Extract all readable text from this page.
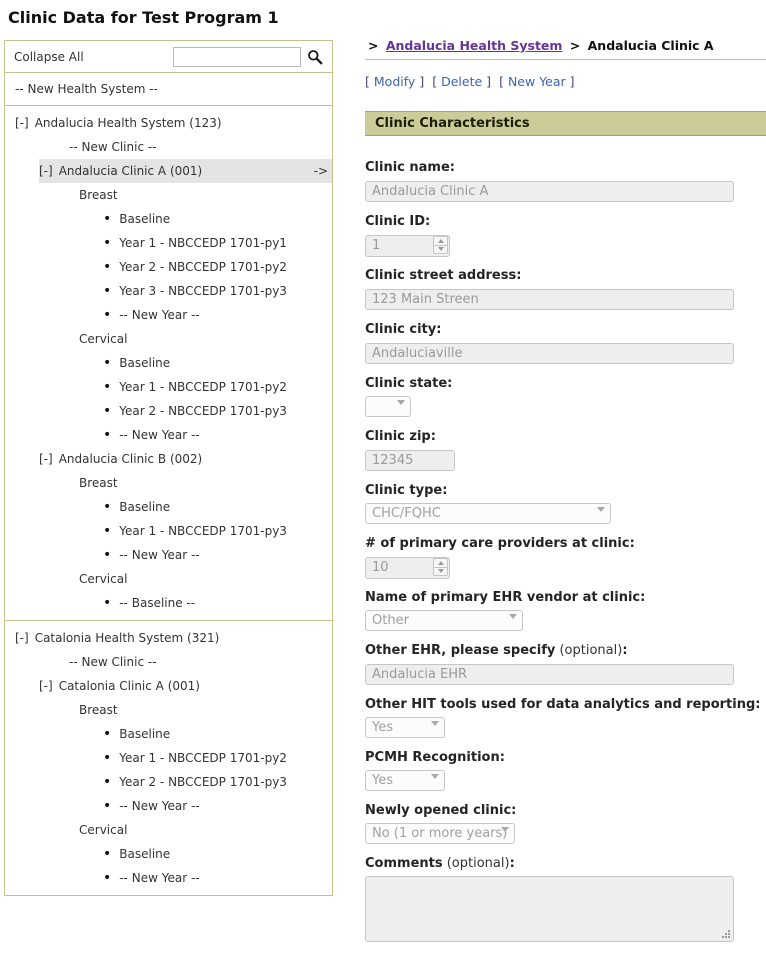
Clinic Data for Test Program 1
Collapse All
-- New Health System --
[-] Andalucia Health System (123)
-- New Clinic --
[-] Andalucia Clinic A (001)	->
Breast
• Baseline
• Year 1 - NBCCEDP 1701-py1
• Year 2 - NBCCEDP 1701-py2
• Year 3 - NBCCEDP 1701-py3
• -- New Year --
Cervical
• Baseline
• Year 1 - NBCCEDP 1701-py2
• Year 2 - NBCCEDP 1701-py3
• -- New Year --
[-] Andalucia Clinic B (002)
Breast
• Baseline
• Year 1 - NBCCEDP 1701-py3
• -- New Year --
Cervical
• -- Baseline --
[-] Catalonia Health System (321)
-- New Clinic --
[-] Catalonia Clinic A (001)
Breast
• Baseline
• Year 1 - NBCCEDP 1701-py2
• Year 2 - NBCCEDP 1701-py3
• -- New Year --
Cervical
• Baseline
• -- New Year --
> Andalucia Health System > Andalucia Clinic A
[ Modify ] [ Delete ] [ New Year ]
Clinic Characteristics
Clinic name:
Andalucia Clinic A
Clinic ID:
1
Clinic street address:
123 Main Streen
Clinic city:
Andaluciaville
Clinic state:
Clinic zip:
12345
Clinic type:
CHC/FQHC
# of primary care providers at clinic:
10
Name of primary EHR vendor at clinic:
Other
Other EHR, please specify (optional):
Andalucia EHR
Other HIT tools used for data analytics and reporting:
Yes
PCMH Recognition:
Yes
Newly opened clinic:
No (1 or more years)
Comments (optional):
